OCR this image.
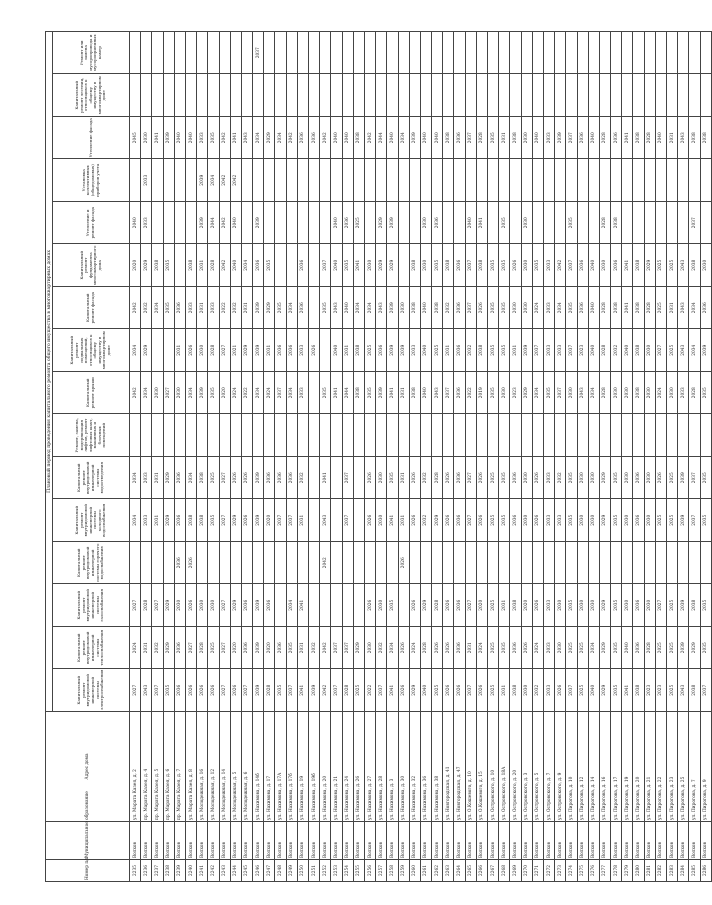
Номер п/п	Муниципальное образование	Адрес дома	Плановый период проведения капитального ремонта общего имущества в многоквартирных домах															
			Капитальный ремонт внутридомовой инженерной системы электроснабжения	Капитальный ремонт внутридомовой инженерной системы теплоснабжения	Капитальный ремонт внутридомовой инженерной системы газоснабжения	Капитальный ремонт внутридомовой инженерной системы горячего водоснабжения	Капитальный ремонт внутридомовой инженерной системы холодного водоснабжения	Капитальный ремонт внутридомовой инженерной системы водоотведения	Ремонт, замена, модернизация лифтов, ремонт лифтовых шахт, машинных и блочных помещений	Капитальный ремонт крыши	Капитальный ремонт подвальных помещений, относящихся к общему имуществу в многоквартирном доме	Капитальный ремонт фасада	Капитальный ремонт фундамента многоквартирного дома	Утепление и ремонт фасада	Установка коллективных (общедомовых) приборов учета	Утепление фасада	Капитальный ремонт лестниц, относящихся к общему имуществу в многоквартирном доме	Ремонт или замена мусоропровода и мусороприемных камер
2235	Волхов	ул. Марата Казея, д. 2	2027	2024	2027		2034	2034		2042	2034	2042	2020	2040		2045		
2236	Волхов	пр. Марата Казея, д. 4	2043	2031	2028		2033	2033		2034	2029	2032	2029	2033	2033	2030		
2237	Волхов	пр. Марата Казея, д. 5	2037	2032	2027		2031	2031		2030		2034	2038			2041		
2238	Волхов	пр. Марата Казея, д. 6	2035	2029	2029		2029	2029		2027		2035	2035			2039		
2239	Волхов	пр. Марата Казея, д. 7	2036	2036	2030	2036	2036	2036		2030	2031	2036				2040		
2240	Волхов	ул. Марата Казея, д. 8	2026	2027	2026	2026	2038	2034		2034	2026	2033	2038			2040		
2241	Волхов	ул. Молодежная, д. 16	2026	2028	2030		2038	2038		2039	2030	2031	2031	2039	2039	2033		
2242	Волхов	ул. Молодежная, д. 12	2026	2025	2030		2035	2025		2035	2028	2033	2028	2044	2034	2035		
2243	Волхов	ул. Молодежная, д. 14	2027	2027	2027		2027	2027		2020	2027	2022	2042	2042	2042	2042		
2244	Волхов	ул. Молодежная, д. 5	2026	2020	2029		2029	2026		2024	2021	2032	2040	2040	2042	2041		
2245	Волхов	ул. Молодежная, д. 6	2027	2036	2036		2026	2026		2022	2029	2031	2034			2043		
2246	Волхов	ул. Нахимова, д. 14б	2039	2039	2039		2039	2039		2034	2039	2039	2036	2039		2034		2037
2247	Волхов	ул. Нахимова, д. 17	2028	2020	2036		2020	2036		2024	2031	2029	2035			2029		
2248	Волхов	ул. Нахимова, д. 17А	2035	2036			2037	2036		2037	2036	2035				2034		
2249	Волхов	ул. Нахимова, д. 17б	2037	2035	2034		2037	2036		2034	2036	2034				2042		
2250	Волхов	ул. Нахимова, д. 19	2041	2031	2041		2031	2032		2033	2033	2036	2036			2036		
2251	Волхов	ул. Нахимова, д. 19б	2039	2032							2026					2036		
2252	Волхов	ул. Нахимова, д. 20	2042	2042		2042	2043	2041		2035		2035	2037			2042		
2253	Волхов	ул. Нахимова, д. 21	2037	2037						2041	2040	2043	2040	2040		2040		
2254	Волхов	ул. Нахимова, д. 24	2028	2037			2037	2037		2044	2031	2040	2035	2036		2040		
2255	Волхов	ул. Нахимова, д. 26	2025	2029						2038	2038	2034	2041	2025		2038		
2256	Волхов	ул. Нахимова, д. 27	2022	2030	2026		2026	2026		2035	2025	2034	2030			2042		
2257	Волхов	ул. Нахимова, д. 28	2037	2032	2030		2030	2030		2039	2036	2043	2029	2029		2044		
2258	Волхов	ул. Нахимова, д. 3	2041	2034	2035		2041	2035		2041	2039	2039	2029	2039		2040		
2259	Волхов	ул. Нахимова, д. 30	2026	2026		2026	2031	2031		2031	2039	2030				2034		
2260	Волхов	ул. Нахимова, д. 32	2029	2024	2026		2026	2026		2038	2033	2038	2038			2039		
2261	Волхов	ул. Нахимова, д. 36	2040	2028	2029		2032	2032		2040	2040	2040	2030	2030		2040		
2262	Волхов	ул. Нахимова, д. 38	2025	2026	2028		2029	2028		2043	2025	2038	2035	2036		2040		
2263	Волхов	ул. Новгородская, д. 41	2026	2026	2026		2026	2026		2037	2031	2032	2038			2038		
2264	Волхов	ул. Новгородская, д. 47	2026	2036	2036		2036	2036		2036	2036	2036	2036			2036		
2265	Волхов	ул. О.Кошевого, д. 10	2037	2031	2027		2027	2027		2022	2032	2037	2037	2040		2037		
2266	Волхов	ул. О.Кошевого, д. 15	2026	2024	2020		2026	2026		2019	2038	2026	2038	2041		2028		
2267	Волхов	ул. Островского, д. 10	2025	2025	2025		2025	2025		2035	2035	2035	2035			2035		
2268	Волхов	ул. Островского, д. 18А	2031	2035	2031		2035	2035		2030	2035	2035	2035	2035		2031		
2269	Волхов	ул. Островского, д. 20	2038	2036	2038		2036	2036		2023	2031	2030	2026			2038		
2270	Волхов	ул. Островского, д. 3	2030	2026	2020		2030	2030		2029	2039	2030	2030	2030		2030		
2271	Волхов	ул. Островского, д. 5	2032	2024	2026		2026	2026		2034	2037	2024	2035			2040		
2272	Волхов	ул. Островского, д. 7	2033	2033	2033		2033	2033		2035	2033	2033	2033			2033		
2273	Волхов	ул. Островского, д. 9	2026	2030	2030		2033	2032		2037	2033	2034	2042			2039		
2274	Волхов	ул. Пирогова, д. 10	2037	2025	2035		2035	2035		2030	2037	2035	2037	2035		2037		
2275	Волхов	ул. Пирогова, д. 12	2025	2025	2030		2030	2030		2043	2023	2036	2036			2036		
2276	Волхов	ул. Пирогова, д. 14	2040	2034	2030		2030	2030		2034	2040	2040	2040			2040		
2277	Волхов	ул. Пирогова, д. 16	2029	2029	2029		2029	2029		2028	2028	2028	2030	2028		2028		
2278	Волхов	ул. Пирогова, д. 17	2035	2035	2035		2035	2035		2030	2032	2038	2036	2038		2036		
2279	Волхов	ул. Пирогова, д. 19	2041	2040	2030		2030	2030		2030	2040	2041	2041			2041		
2280	Волхов	ул. Пирогова, д. 20	2038	2036	2036		2036	2036		2038	2038	2038	2038			2038		
2281	Волхов	ул. Пирогова, д. 21	2023	2028	2030		2030	2030		2030	2030	2028	2029			2028		
2282	Волхов	ул. Пирогова, д. 22	2023	2025	2027		2025	2026		2024	2027	2025	2025			2040		
2283	Волхов	ул. Пирогова, д. 23	2025	2025	2025		2025	2025		2030	2025	2031	2025			2031		
2284	Волхов	ул. Пирогова, д. 25	2043	2039	2039		2039	2039		2033	2043	2043	2043			2043		
2285	Волхов	ул. Пирогова, д. 7	2038	2029	2038		2037	2037		2028	2034	2034	2038	2037		2038		
2286	Волхов	ул. Пирогова, д. 9	2037	2035	2035		2035	2035		2035	2039	2036	2030			2038		
